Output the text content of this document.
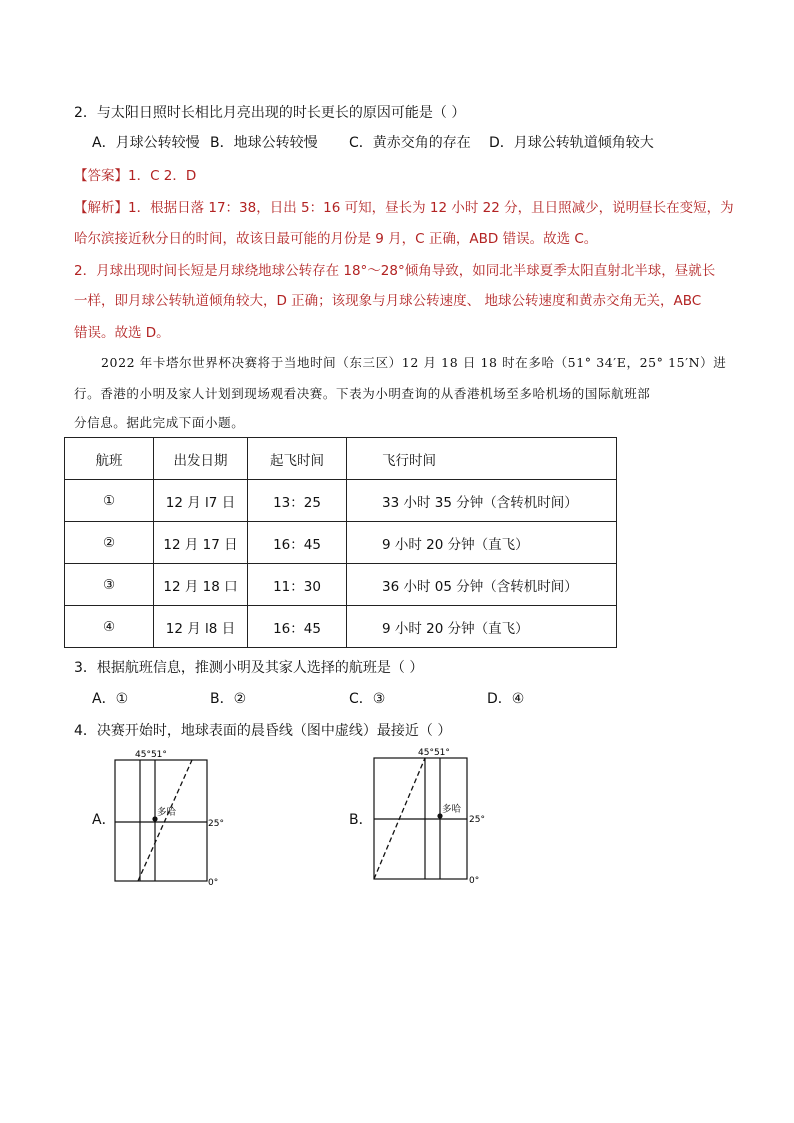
2．与太阳日照时长相比月亮出现的时长更长的原因可能是（ ）
A．月球公转较慢 B．地球公转较慢 C．黄赤交角的存在 D．月球公转轨道倾角较大
【答案】1．C 2．D
【解析】1．根据日落 17：38，日出 5：16 可知，昼长为 12 小时 22 分，且日照减少，说明昼长在变短，为
哈尔滨接近秋分日的时间，故该日最可能的月份是 9 月，C 正确，ABD 错误。故选 C。
2．月球出现时间长短是月球绕地球公转存在 18°～28°倾角导致，如同北半球夏季太阳直射北半球，昼就长
一样，即月球公转轨道倾角较大，D 正确；该现象与月球公转速度、 地球公转速度和黄赤交角无关，ABC
错误。故选 D。
2022 年卡塔尔世界杯决赛将于当地时间（东三区）12 月 18 日 18 时在多哈（51° 34′E，25° 15′N）进
行。香港的小明及家人计划到现场观看决赛。下表为小明查询的从香港机场至多哈机场的国际航班部
分信息。据此完成下面小题。
航班	出发日期	起飞时间	飞行时间
①	12 月 l7 日	13：25	33 小时 35 分钟（含转机时间）
②	12 月 17 日	16：45	9 小时 20 分钟（直飞）
③	12 月 18 口	11：30	36 小时 05 分钟（含转机时间）
④	12 月 l8 日	16：45	9 小时 20 分钟（直飞）
3．根据航班信息，推测小明及其家人选择的航班是（ ）
A．①	B．②	C．③	D．④
4．决赛开始时，地球表面的晨昏线（图中虚线）最接近（ ）
A．
45°51°
多哈
25°
0°
B．
45°51°
多哈
25°
0°
